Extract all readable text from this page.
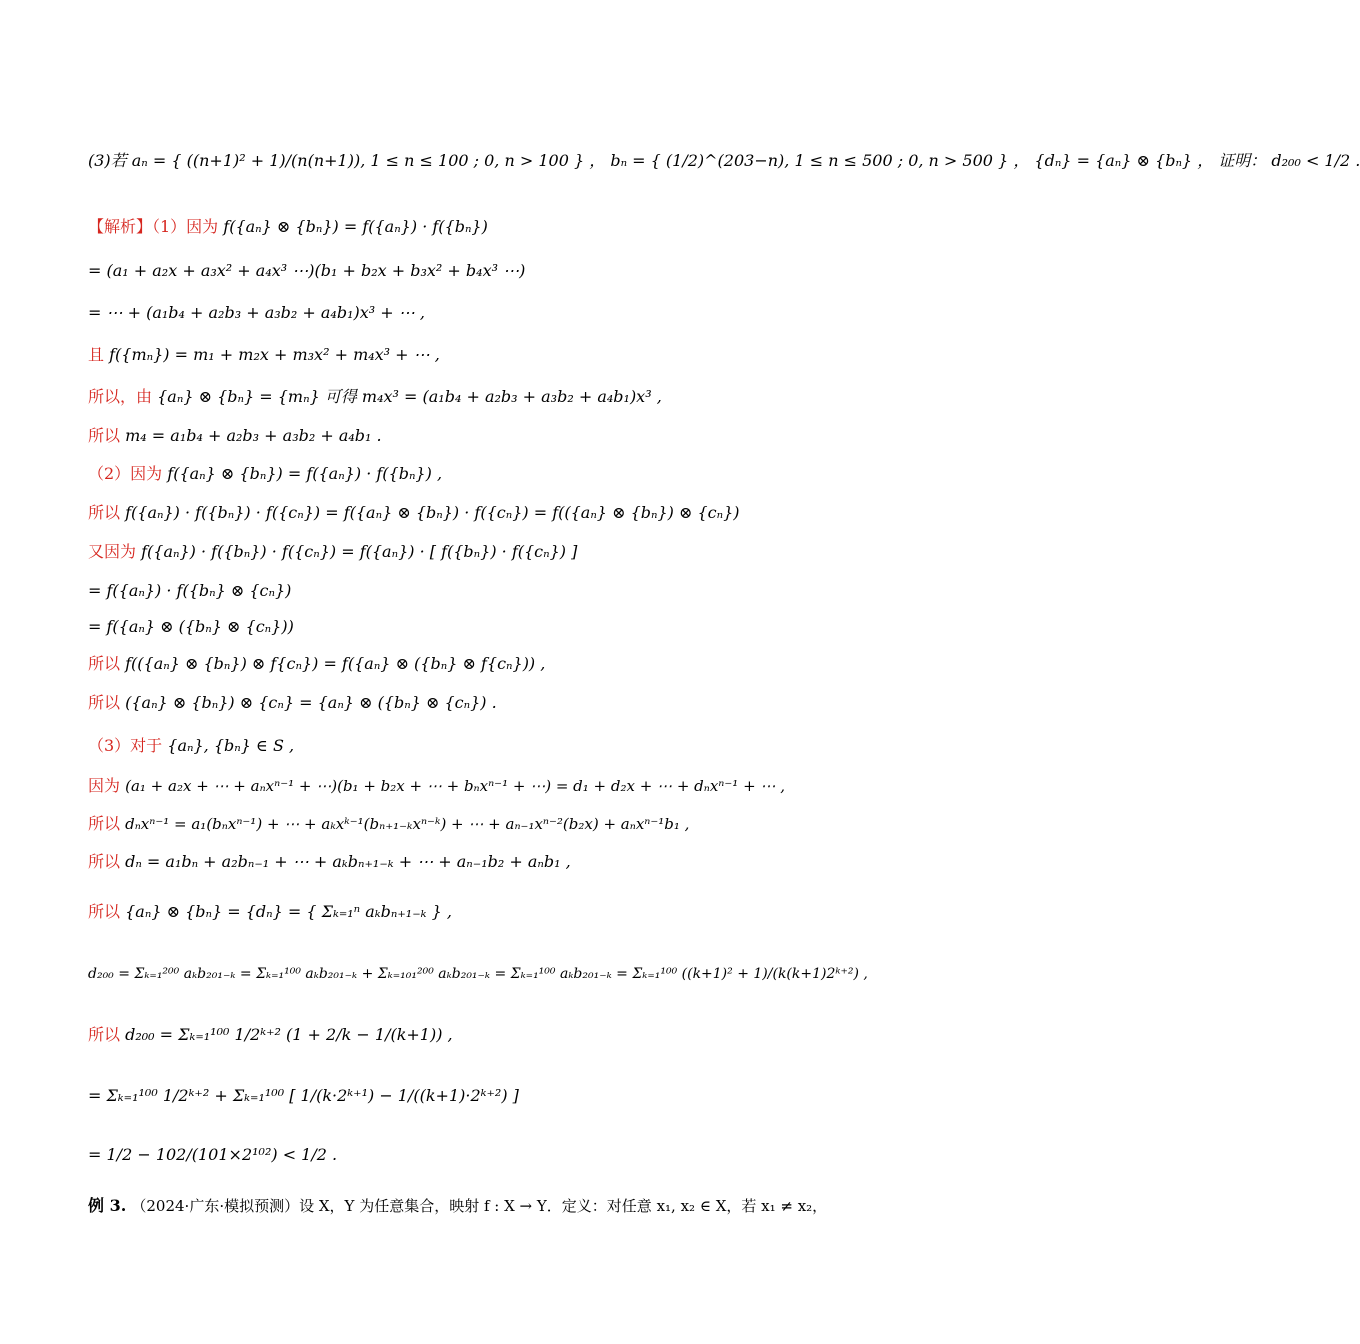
(3)若 aₙ = { ((n+1)² + 1)/(n(n+1)), 1 ≤ n ≤ 100 ; 0, n > 100 } ， bₙ = { (1/2)^(203−n), 1 ≤ n ≤ 500 ; 0, n > 500 } ， {dₙ} = {aₙ} ⊗ {bₙ} ， 证明： d₂₀₀ < 1/2 .
【解析】（1）因为 f({aₙ} ⊗ {bₙ}) = f({aₙ}) · f({bₙ})
= (a₁ + a₂x + a₃x² + a₄x³ ⋯)(b₁ + b₂x + b₃x² + b₄x³ ⋯)
= ⋯ + (a₁b₄ + a₂b₃ + a₃b₂ + a₄b₁)x³ + ⋯ ,
且 f({mₙ}) = m₁ + m₂x + m₃x² + m₄x³ + ⋯ ,
所以，由 {aₙ} ⊗ {bₙ} = {mₙ} 可得 m₄x³ = (a₁b₄ + a₂b₃ + a₃b₂ + a₄b₁)x³ ,
所以 m₄ = a₁b₄ + a₂b₃ + a₃b₂ + a₄b₁ .
（2）因为 f({aₙ} ⊗ {bₙ}) = f({aₙ}) · f({bₙ}) ,
所以 f({aₙ}) · f({bₙ}) · f({cₙ}) = f({aₙ} ⊗ {bₙ}) · f({cₙ}) = f(({aₙ} ⊗ {bₙ}) ⊗ {cₙ})
又因为 f({aₙ}) · f({bₙ}) · f({cₙ}) = f({aₙ}) · [ f({bₙ}) · f({cₙ}) ]
= f({aₙ}) · f({bₙ} ⊗ {cₙ})
= f({aₙ} ⊗ ({bₙ} ⊗ {cₙ}))
所以 f(({aₙ} ⊗ {bₙ}) ⊗ f{cₙ}) = f({aₙ} ⊗ ({bₙ} ⊗ f{cₙ})) ,
所以 ({aₙ} ⊗ {bₙ}) ⊗ {cₙ} = {aₙ} ⊗ ({bₙ} ⊗ {cₙ}) .
（3）对于 {aₙ}, {bₙ} ∈ S ,
因为 (a₁ + a₂x + ⋯ + aₙxⁿ⁻¹ + ⋯)(b₁ + b₂x + ⋯ + bₙxⁿ⁻¹ + ⋯) = d₁ + d₂x + ⋯ + dₙxⁿ⁻¹ + ⋯ ,
所以 dₙxⁿ⁻¹ = a₁(bₙxⁿ⁻¹) + ⋯ + aₖxᵏ⁻¹(bₙ₊₁₋ₖxⁿ⁻ᵏ) + ⋯ + aₙ₋₁xⁿ⁻²(b₂x) + aₙxⁿ⁻¹b₁ ,
所以 dₙ = a₁bₙ + a₂bₙ₋₁ + ⋯ + aₖbₙ₊₁₋ₖ + ⋯ + aₙ₋₁b₂ + aₙb₁ ,
所以 {aₙ} ⊗ {bₙ} = {dₙ} = { Σₖ₌₁ⁿ aₖbₙ₊₁₋ₖ } ,
d₂₀₀ = Σₖ₌₁²⁰⁰ aₖb₂₀₁₋ₖ = Σₖ₌₁¹⁰⁰ aₖb₂₀₁₋ₖ + Σₖ₌₁₀₁²⁰⁰ aₖb₂₀₁₋ₖ = Σₖ₌₁¹⁰⁰ aₖb₂₀₁₋ₖ = Σₖ₌₁¹⁰⁰ ((k+1)² + 1)/(k(k+1)2ᵏ⁺²) ,
所以 d₂₀₀ = Σₖ₌₁¹⁰⁰ 1/2ᵏ⁺² (1 + 2/k − 1/(k+1)) ,
= Σₖ₌₁¹⁰⁰ 1/2ᵏ⁺² + Σₖ₌₁¹⁰⁰ [ 1/(k·2ᵏ⁺¹) − 1/((k+1)·2ᵏ⁺²) ]
= 1/2 − 102/(101×2¹⁰²) < 1/2 .
例 3. （2024·广东·模拟预测）设 X，Y 为任意集合，映射 f : X → Y．定义：对任意 x₁, x₂ ∈ X，若 x₁ ≠ x₂，
